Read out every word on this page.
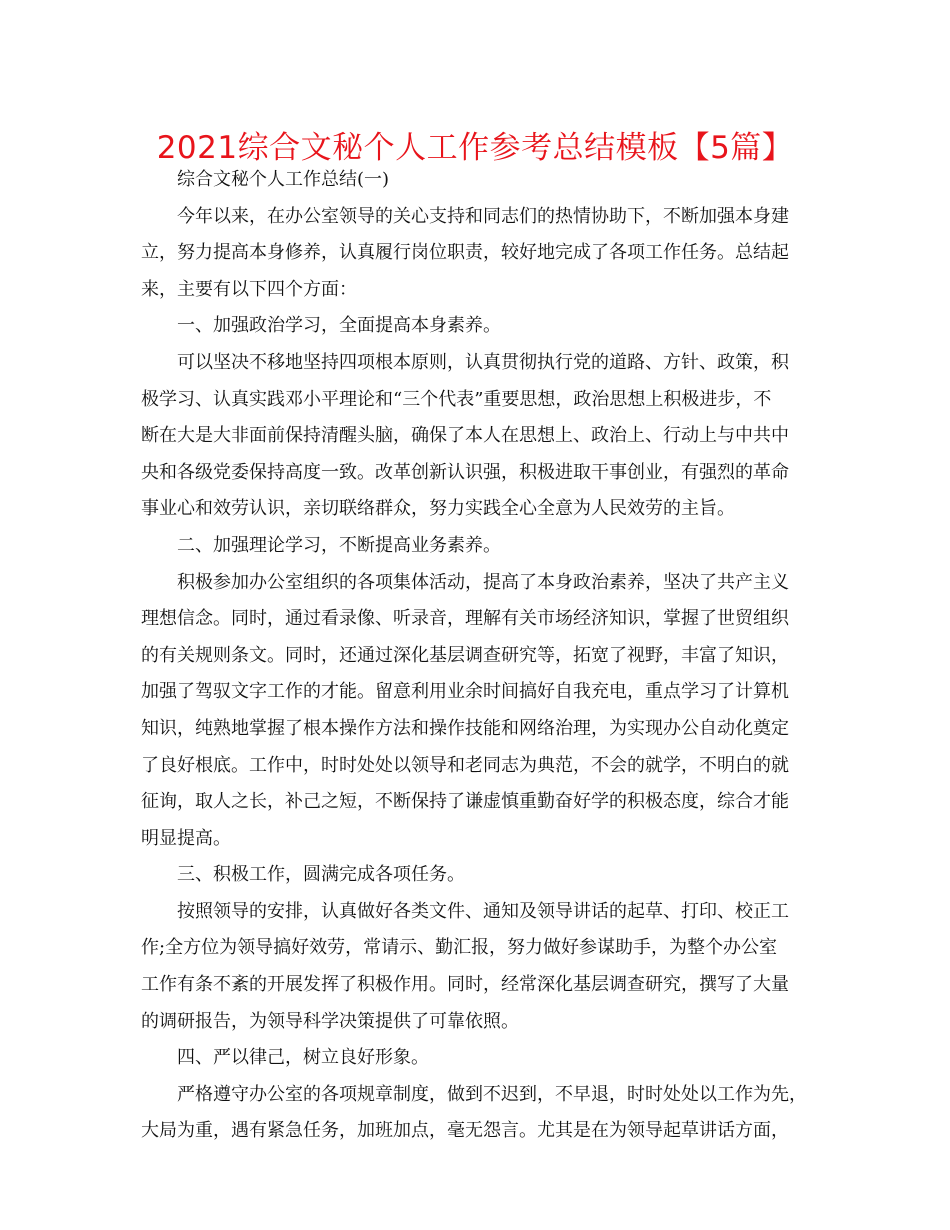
2021综合文秘个人工作参考总结模板【5篇】
综合文秘个人工作总结(一)
今年以来，在办公室领导的关心支持和同志们的热情协助下，不断加强本身建
立，努力提高本身修养，认真履行岗位职责，较好地完成了各项工作任务。总结起
来，主要有以下四个方面：
一、加强政治学习，全面提高本身素养。
可以坚决不移地坚持四项根本原则，认真贯彻执行党的道路、方针、政策，积
极学习、认真实践邓小平理论和“三个代表”重要思想，政治思想上积极进步，不
断在大是大非面前保持清醒头脑，确保了本人在思想上、政治上、行动上与中共中
央和各级党委保持高度一致。改革创新认识强，积极进取干事创业，有强烈的革命
事业心和效劳认识，亲切联络群众，努力实践全心全意为人民效劳的主旨。
二、加强理论学习，不断提高业务素养。
积极参加办公室组织的各项集体活动，提高了本身政治素养，坚决了共产主义
理想信念。同时，通过看录像、听录音，理解有关市场经济知识，掌握了世贸组织
的有关规则条文。同时，还通过深化基层调查研究等，拓宽了视野，丰富了知识，
加强了驾驭文字工作的才能。留意利用业余时间搞好自我充电，重点学习了计算机
知识，纯熟地掌握了根本操作方法和操作技能和网络治理，为实现办公自动化奠定
了良好根底。工作中，时时处处以领导和老同志为典范，不会的就学，不明白的就
征询，取人之长，补己之短，不断保持了谦虚慎重勤奋好学的积极态度，综合才能
明显提高。
三、积极工作，圆满完成各项任务。
按照领导的安排，认真做好各类文件、通知及领导讲话的起草、打印、校正工
作;全方位为领导搞好效劳，常请示、勤汇报，努力做好参谋助手，为整个办公室
工作有条不紊的开展发挥了积极作用。同时，经常深化基层调查研究，撰写了大量
的调研报告，为领导科学决策提供了可靠依照。
四、严以律己，树立良好形象。
严格遵守办公室的各项规章制度，做到不迟到，不早退，时时处处以工作为先，
大局为重，遇有紧急任务，加班加点，毫无怨言。尤其是在为领导起草讲话方面，
